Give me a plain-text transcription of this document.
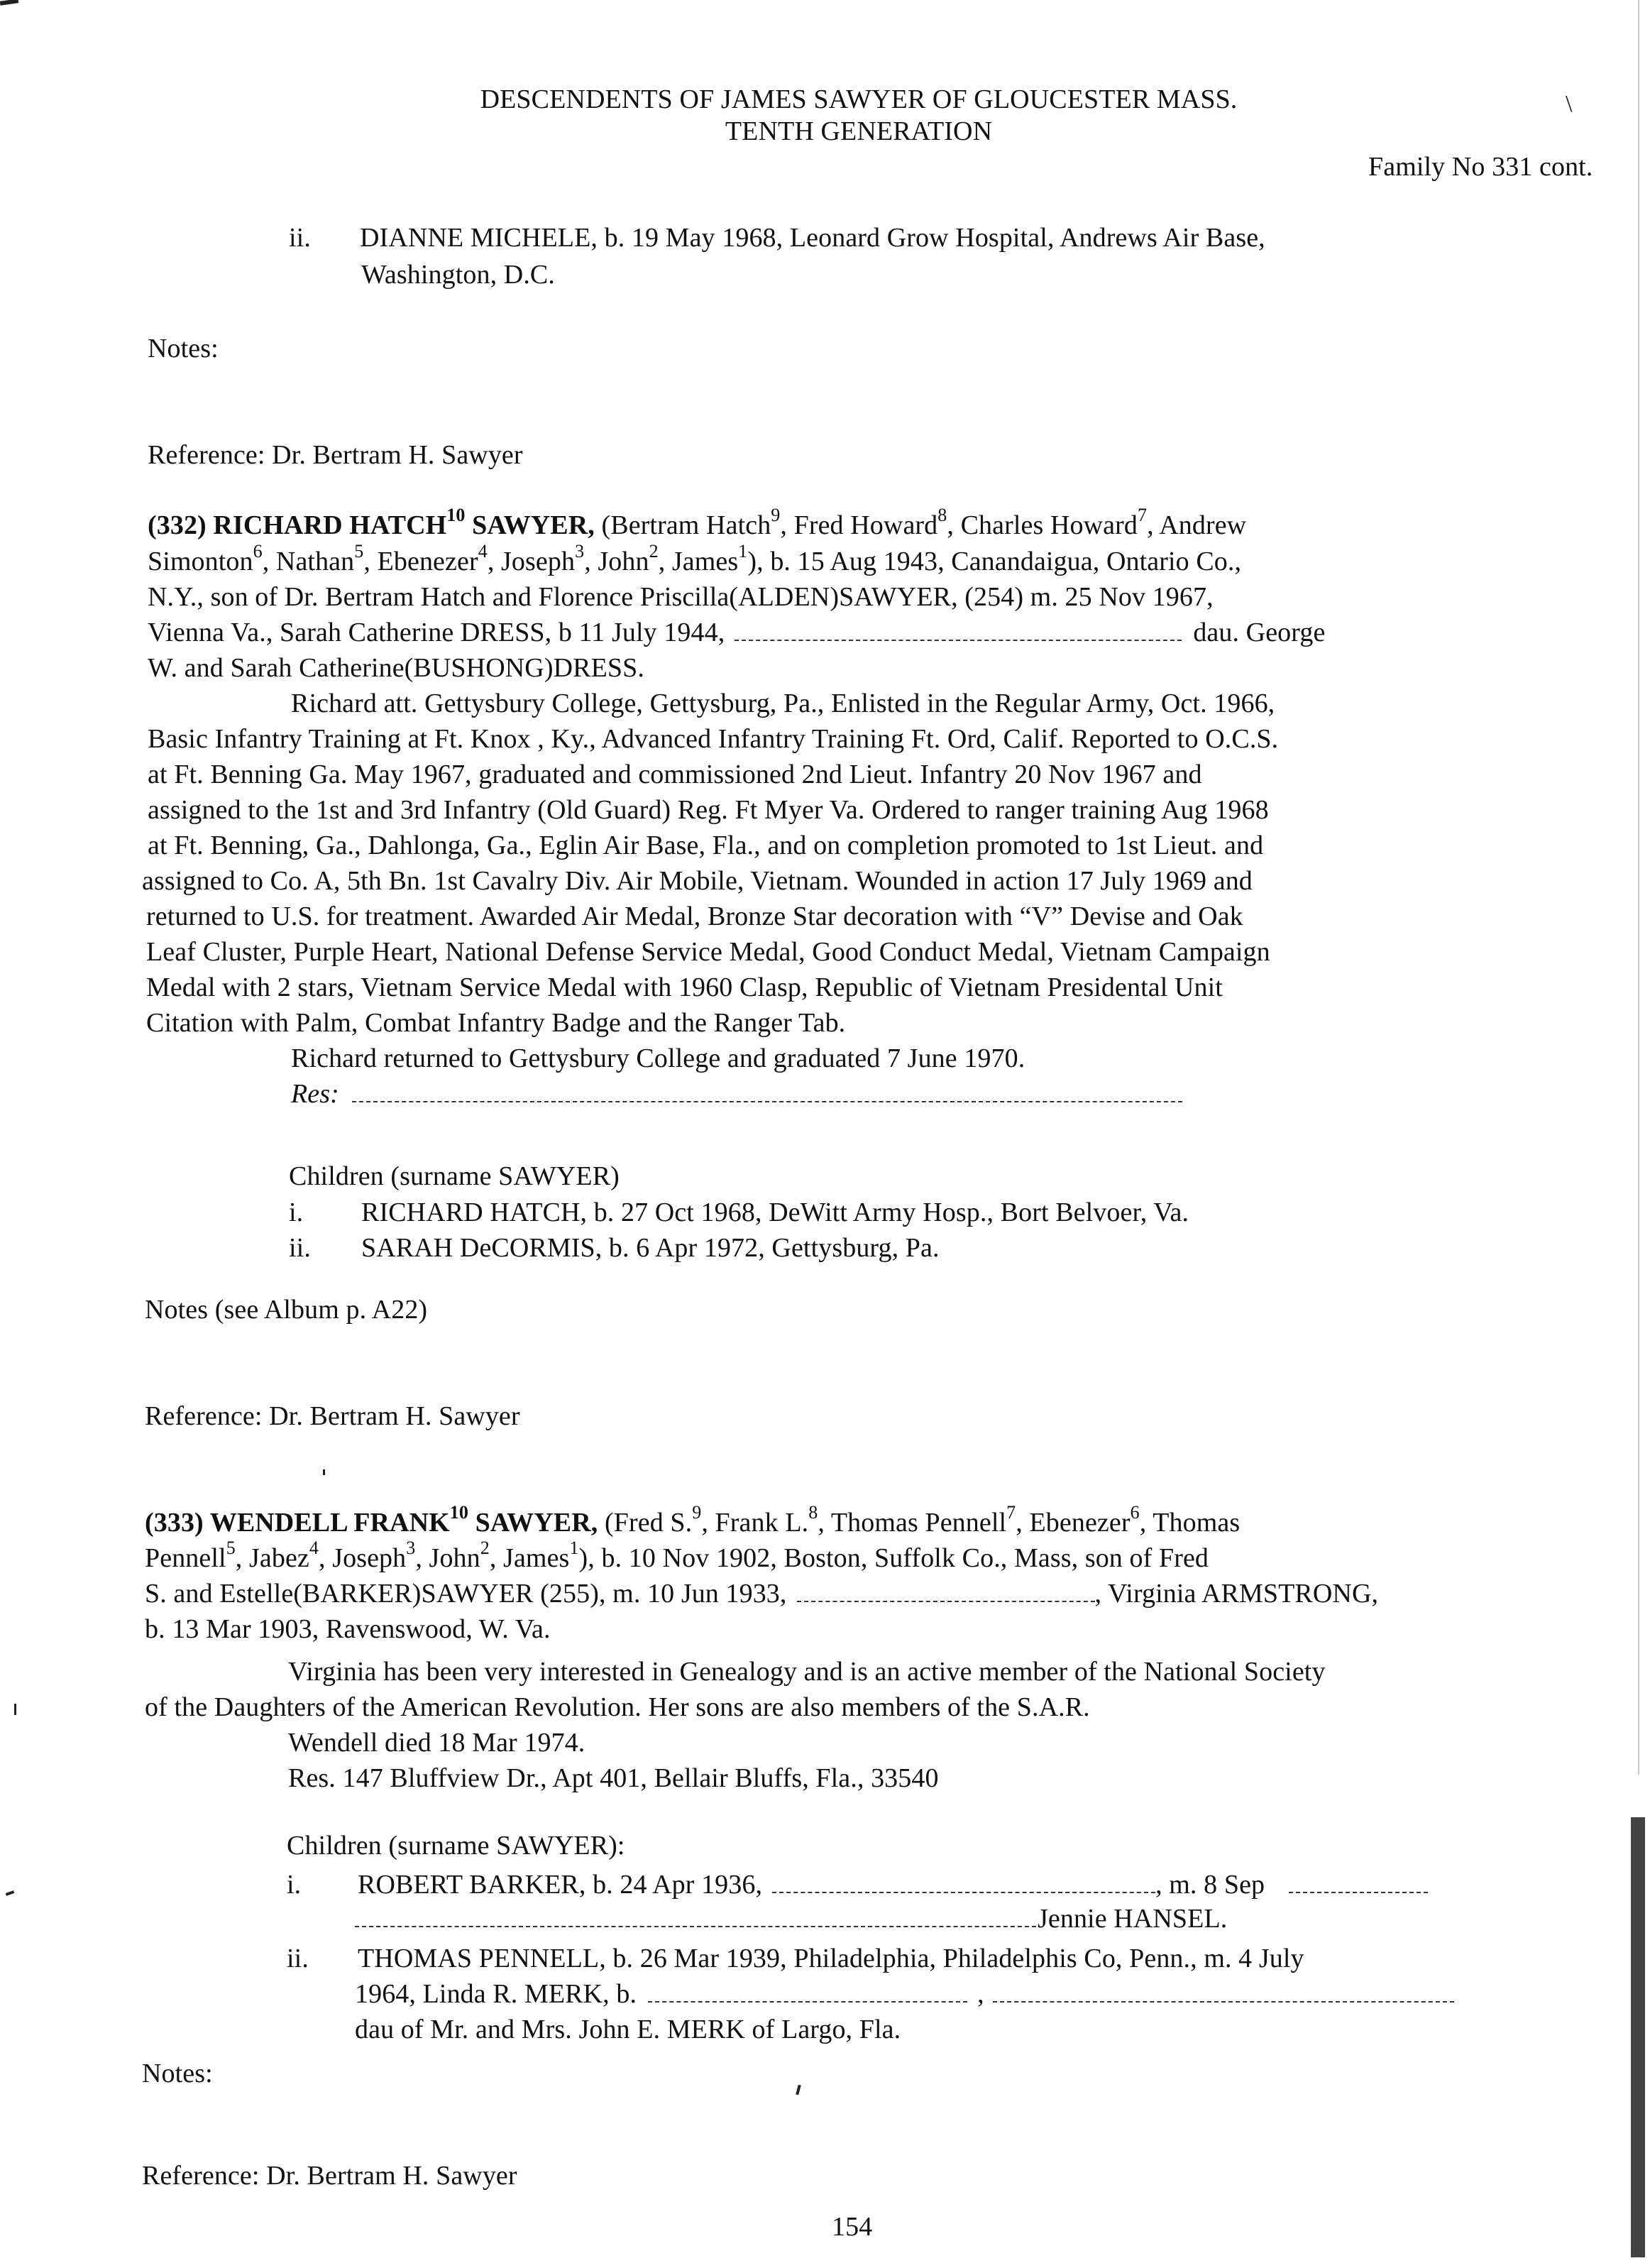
DESCENDENTS OF JAMES SAWYER OF GLOUCESTER MASS.
TENTH GENERATION
\
Family No 331 cont.
ii. DIANNE MICHELE, b. 19 May 1968, Leonard Grow Hospital, Andrews Air Base,
Washington, D.C.
Notes:
Reference: Dr. Bertram H. Sawyer
(332) RICHARD HATCH$^{10}$ SAWYER, (Bertram Hatch$^9$, Fred Howard$^8$, Charles Howard$^7$, Andrew
Simonton$^6$, Nathan$^5$, Ebenezer$^4$, Joseph$^3$, John$^2$, James$^1$), b. 15 Aug 1943, Canandaigua, Ontario Co.,
N.Y., son of Dr. Bertram Hatch and Florence Priscilla(ALDEN)SAWYER, (254) m. 25 Nov 1967,
Vienna Va., Sarah Catherine DRESS, b 11 July 1944,	dau. George
W. and Sarah Catherine(BUSHONG)DRESS.
Richard att. Gettysbury College, Gettysburg, Pa., Enlisted in the Regular Army, Oct. 1966,
Basic Infantry Training at Ft. Knox , Ky., Advanced Infantry Training Ft. Ord, Calif. Reported to O.C.S.
at Ft. Benning Ga. May 1967, graduated and commissioned 2nd Lieut. Infantry 20 Nov 1967 and
assigned to the 1st and 3rd Infantry (Old Guard) Reg. Ft Myer Va. Ordered to ranger training Aug 1968
at Ft. Benning, Ga., Dahlonga, Ga., Eglin Air Base, Fla., and on completion promoted to 1st Lieut. and
assigned to Co. A, 5th Bn. 1st Cavalry Div. Air Mobile, Vietnam. Wounded in action 17 July 1969 and
returned to U.S. for treatment. Awarded Air Medal, Bronze Star decoration with “V” Devise and Oak
Leaf Cluster, Purple Heart, National Defense Service Medal, Good Conduct Medal, Vietnam Campaign
Medal with 2 stars, Vietnam Service Medal with 1960 Clasp, Republic of Vietnam Presidental Unit
Citation with Palm, Combat Infantry Badge and the Ranger Tab.
Richard returned to Gettysbury College and graduated 7 June 1970.
Res:
Children (surname SAWYER)
i. RICHARD HATCH, b. 27 Oct 1968, DeWitt Army Hosp., Bort Belvoer, Va.
ii. SARAH DeCORMIS, b. 6 Apr 1972, Gettysburg, Pa.
Notes (see Album p. A22)
Reference: Dr. Bertram H. Sawyer
(333) WENDELL FRANK$^{10}$ SAWYER, (Fred S.$^9$, Frank L.$^8$, Thomas Pennell$^7$, Ebenezer$^6$, Thomas
Pennell$^5$, Jabez$^4$, Joseph$^3$, John$^2$, James$^1$), b. 10 Nov 1902, Boston, Suffolk Co., Mass, son of Fred
S. and Estelle(BARKER)SAWYER (255), m. 10 Jun 1933,	, Virginia ARMSTRONG,
b. 13 Mar 1903, Ravenswood, W. Va.
Virginia has been very interested in Genealogy and is an active member of the National Society
of the Daughters of the American Revolution. Her sons are also members of the S.A.R.
Wendell died 18 Mar 1974.
Res. 147 Bluffview Dr., Apt 401, Bellair Bluffs, Fla., 33540
Children (surname SAWYER):
i. ROBERT BARKER, b. 24 Apr 1936,	, m. 8 Sep
Jennie HANSEL.
ii. THOMAS PENNELL, b. 26 Mar 1939, Philadelphia, Philadelphis Co, Penn., m. 4 July
1964, Linda R. MERK, b.	,
dau of Mr. and Mrs. John E. MERK of Largo, Fla.
Notes:
Reference: Dr. Bertram H. Sawyer
154
